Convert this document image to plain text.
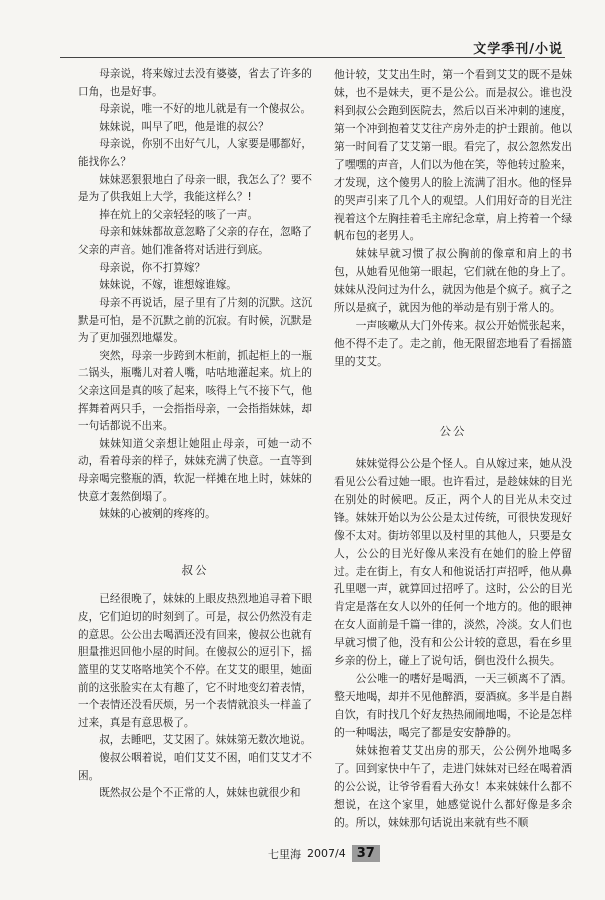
文学季刊/小说

母亲说，将来嫁过去没有婆婆，省去了许多的口角，也是好事。

母亲说，唯一不好的地儿就是有一个傻叔公。

妹妹说，叫早了吧，他是谁的叔公？

母亲说，你别不出好气儿，人家要是哪都好，能找你么？

妹妹恶狠狠地白了母亲一眼，我怎么了？要不是为了供我姐上大学，我能这样么？!

捧在炕上的父亲轻轻的咳了一声。

母亲和妹妹都故意忽略了父亲的存在，忽略了父亲的声音。她们准备将对话进行到底。

母亲说，你不打算嫁？

妹妹说，不嫁，谁想嫁谁嫁。

母亲不再说话，屋子里有了片刻的沉默。这沉默是可怕，是不沉默之前的沉寂。有时候，沉默是为了更加强烈地爆发。

突然，母亲一步跨到木柜前，抓起柜上的一瓶二锅头，瓶嘴儿对着人嘴，咕咕地灌起来。炕上的父亲这回是真的咳了起来，咳得上气不接下气，他挥舞着两只手，一会指指母亲，一会指指妹妹，却一句话都说不出来。

妹妹知道父亲想让她阻止母亲，可她一动不动，看着母亲的样子，妹妹充满了快意。一直等到母亲喝完整瓶的酒，软泥一样摊在地上时，妹妹的快意才轰然倒塌了。

妹妹的心被剜的疼疼的。

叔公

已经很晚了，妹妹的上眼皮热烈地追寻着下眼皮，它们迫切的时刻到了。可是，叔公仍然没有走的意思。公公出去喝酒还没有回来，傻叔公也就有胆量推迟回他小屋的时间。在傻叔公的逗引下，摇篮里的艾艾咯咯地笑个不停。在艾艾的眼里，她面前的这张脸实在太有趣了，它不时地变幻着表情，一个表情还没看厌烦，另一个表情就浪头一样盖了过来，真是有意思极了。

叔，去睡吧，艾艾困了。妹妹第无数次地说。

傻叔公咽着说，咱们艾艾不困，咱们艾艾才不困。

既然叔公是个不正常的人，妹妹也就很少和

他计较，艾艾出生时，第一个看到艾艾的既不是妹妹，也不是妹夫，更不是公公。而是叔公。谁也没料到叔公会跑到医院去，然后以百米冲刺的速度，第一个冲到抱着艾艾往产房外走的护士跟前。他以第一时间看了艾艾第一眼。看完了，叔公忽然发出了嘿嘿的声音，人们以为他在笑，等他转过脸来，才发现，这个傻男人的脸上流满了泪水。他的怪异的哭声引来了几个人的观望。人们用好奇的目光注视着这个左胸挂着毛主席纪念章，肩上挎着一个绿帆布包的老男人。

妹妹早就习惯了叔公胸前的像章和肩上的书包，从她看见他第一眼起，它们就在他的身上了。妹妹从没问过为什么，就因为他是个疯子。疯子之所以是疯子，就因为他的举动是有别于常人的。

一声咳嗽从大门外传来。叔公开始慌张起来，他不得不走了。走之前，他无限留恋地看了看摇篮里的艾艾。

公公

妹妹觉得公公是个怪人。自从嫁过来，她从没看见公公看过她一眼。也许看过，是趁妹妹的目光在别处的时候吧。反正，两个人的目光从未交过锋。妹妹开始以为公公是太过传统，可很快发现好像不太对。街坊邻里以及村里的其他人，只要是女人，公公的目光好像从来没有在她们的脸上停留过。走在街上，有女人和他说话打声招呼，他从鼻孔里嗯一声，就算回过招呼了。这时，公公的目光肯定是落在女人以外的任何一个地方的。他的眼神在女人面前是千篇一律的，淡然，冷淡。女人们也早就习惯了他，没有和公公计较的意思，看在乡里乡亲的份上，碰上了说句话，倒也没什么损失。

公公唯一的嗜好是喝酒，一天三顿离不了酒。整天地喝，却并不见他醉酒，耍酒疯。多半是自斟自饮，有时找几个好友热热闹闹地喝，不论是怎样的一种喝法，喝完了都是安安静静的。

妹妹抱着艾艾出房的那天，公公例外地喝多了。回到家快中午了，走进门妹妹对已经在喝着酒的公公说，让爷爷看看大孙女！本来妹妹什么都不想说，在这个家里，她感觉说什么都好像是多余的。所以，妹妹那句话说出来就有些不顺

七里海 2007/4 37
